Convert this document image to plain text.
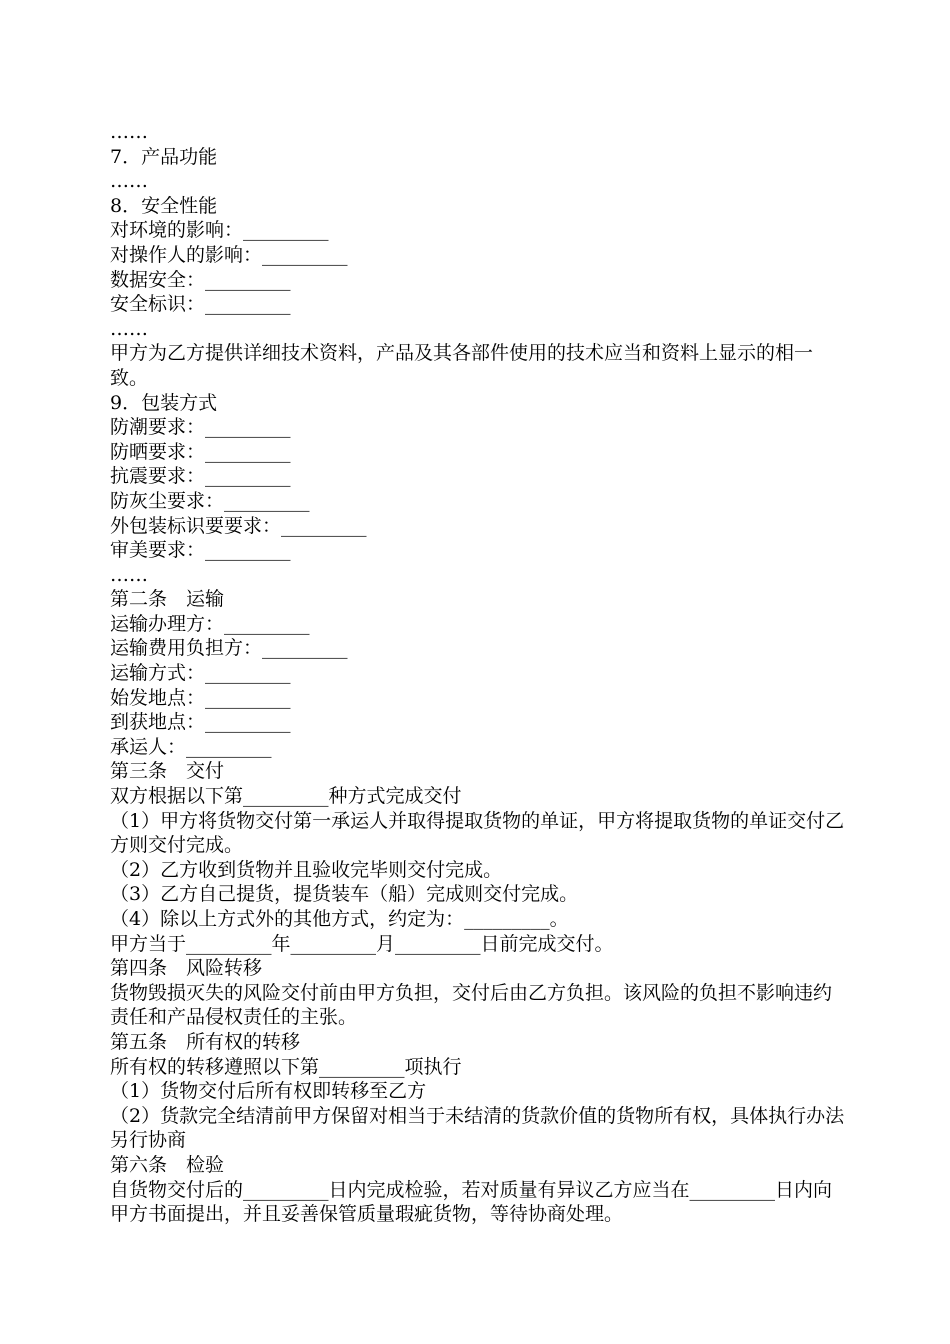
……
7．产品功能
……
8．安全性能
对环境的影响：_________
对操作人的影响：_________
数据安全：_________
安全标识：_________
……
甲方为乙方提供详细技术资料，产品及其各部件使用的技术应当和资料上显示的相一致。
9．包装方式
防潮要求：_________
防晒要求：_________
抗震要求：_________
防灰尘要求：_________
外包装标识要要求：_________
审美要求：_________
……
第二条　运输
运输办理方：_________
运输费用负担方：_________
运输方式：_________
始发地点：_________
到获地点：_________
承运人：_________
第三条　交付
双方根据以下第_________种方式完成交付
（1）甲方将货物交付第一承运人并取得提取货物的单证，甲方将提取货物的单证交付乙方则交付完成。
（2）乙方收到货物并且验收完毕则交付完成。
（3）乙方自己提货，提货装车（船）完成则交付完成。
（4）除以上方式外的其他方式，约定为：_________。
甲方当于_________年_________月_________日前完成交付。
第四条　风险转移
货物毁损灭失的风险交付前由甲方负担，交付后由乙方负担。该风险的负担不影响违约责任和产品侵权责任的主张。
第五条　所有权的转移
所有权的转移遵照以下第_________项执行
（1）货物交付后所有权即转移至乙方
（2）货款完全结清前甲方保留对相当于未结清的货款价值的货物所有权，具体执行办法另行协商
第六条　检验
自货物交付后的_________日内完成检验，若对质量有异议乙方应当在_________日内向甲方书面提出，并且妥善保管质量瑕疵货物，等待协商处理。
